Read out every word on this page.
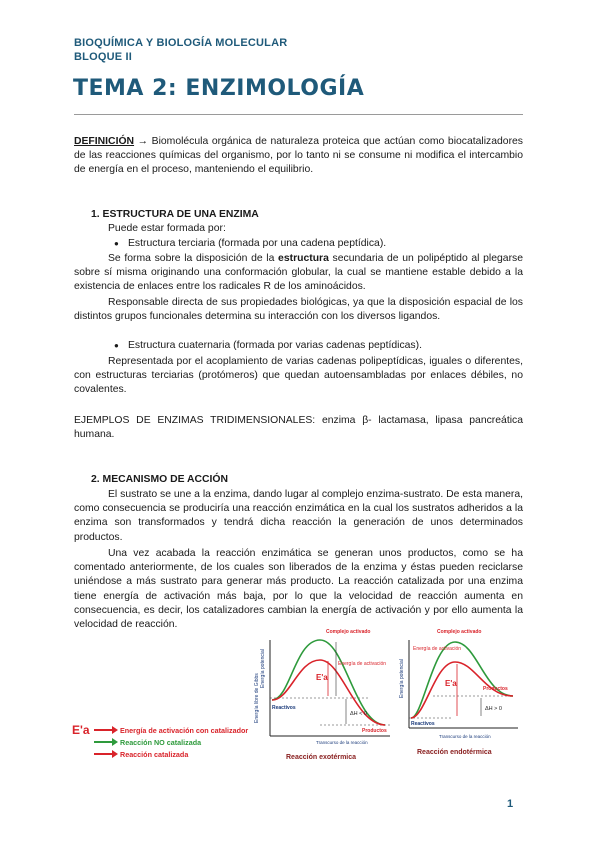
BIOQUÍMICA Y BIOLOGÍA MOLECULAR
BLOQUE II
TEMA 2: ENZIMOLOGÍA
DEFINICIÓN → Biomolécula orgánica de naturaleza proteica que actúan como biocatalizadores de las reacciones químicas del organismo, por lo tanto ni se consume ni modifica el intercambio de energía en el proceso, manteniendo el equilibrio.
1. ESTRUCTURA DE UNA ENZIMA
Puede estar formada por:
● Estructura terciaria (formada por una cadena peptídica).
Se forma sobre la disposición de la estructura secundaria de un polipéptido al plegarse sobre sí misma originando una conformación globular, la cual se mantiene estable debido a la existencia de enlaces entre los radicales R de los aminoácidos.
Responsable directa de sus propiedades biológicas, ya que la disposición espacial de los distintos grupos funcionales determina su interacción con los diversos ligandos.
● Estructura cuaternaria (formada por varias cadenas peptídicas).
Representada por el acoplamiento de varias cadenas polipeptídicas, iguales o diferentes, con estructuras terciarias (protómeros) que quedan autoensambladas por enlaces débiles, no covalentes.
EJEMPLOS DE ENZIMAS TRIDIMENSIONALES: enzima β- lactamasa, lipasa pancreática humana.
2. MECANISMO DE ACCIÓN
El sustrato se une a la enzima, dando lugar al complejo enzima-sustrato. De esta manera, como consecuencia se produciría una reacción enzimática en la cual los sustratos adheridos a la enzima son transformados y tendrá dicha reacción la generación de unos determinados productos.
Una vez acabada la reacción enzimática se generan unos productos, como se ha comentado anteriormente, de los cuales son liberados de la enzima y éstas pueden reciclarse uniéndose a más sustrato para generar más producto. La reacción catalizada por una enzima tiene energía de activación más baja, por lo que la velocidad de reacción aumenta en consecuencia, es decir, los catalizadores cambian la energía de activación y por ello aumenta la velocidad de reacción.
E'a	Energía de activación con catalizador
Reacción NO catalizada
Reacción catalizada
Energía libre de Gibbs
Energía potencial	E'a
Complejo activado
Energía de activación
Reactivos
ΔH < 0
Productos
Transcurso de la reacción
Reacción exotérmica
Energía potencial	E'a
Complejo activado
Energía de activación
Productos
Reactivos
ΔH > 0
Transcurso de la reacción
Reacción endotérmica
1
